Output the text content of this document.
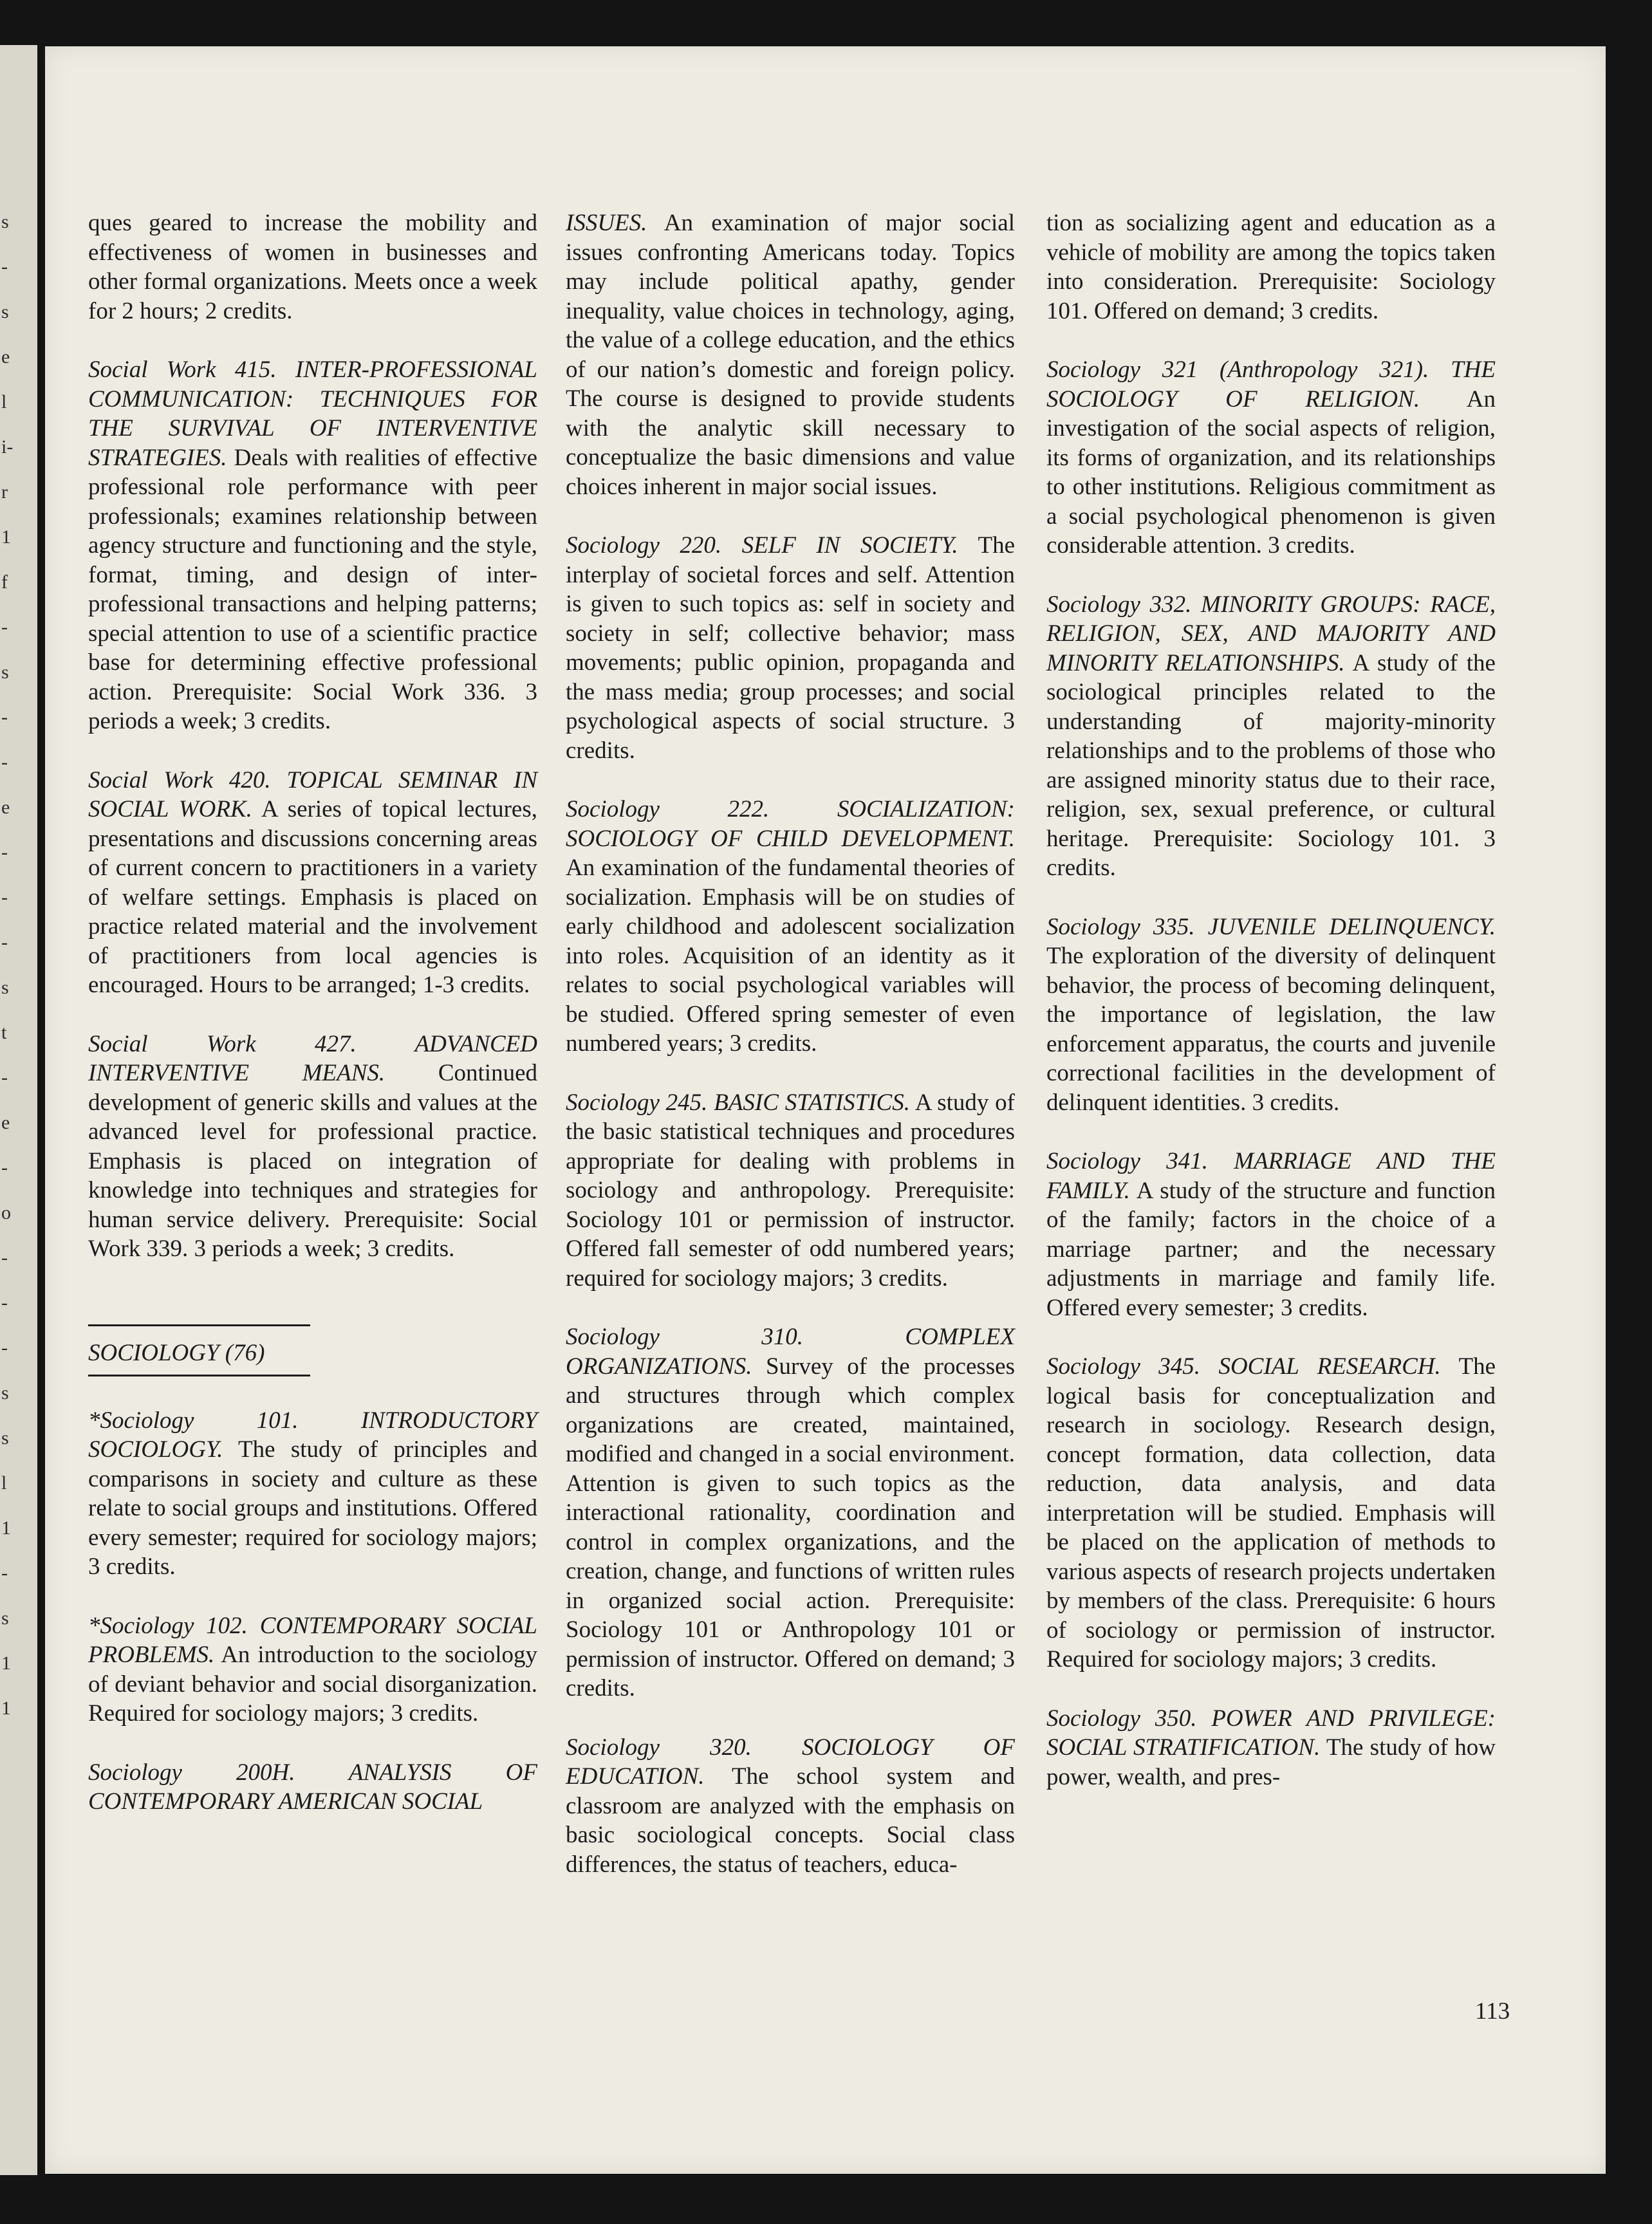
s
-
s
e
l
i-
r
1
f
-
s
-
-
e
-
-
-
s
t
-
e
-
o
-
-
-
s
s
l
1
-
s
1
1

ques geared to increase the mobility and effectiveness of women in businesses and other formal organizations. Meets once a week for 2 hours; 2 credits.

Social Work 415. INTER-PROFESSIONAL COMMUNICATION: TECHNIQUES FOR THE SURVIVAL OF INTERVENTIVE STRATEGIES. Deals with realities of effective professional role performance with peer professionals; examines relationship between agency structure and functioning and the style, format, timing, and design of inter-professional transactions and helping patterns; special attention to use of a scientific practice base for determining effective professional action. Prerequisite: Social Work 336. 3 periods a week; 3 credits.

Social Work 420. TOPICAL SEMINAR IN SOCIAL WORK. A series of topical lectures, presentations and discussions concerning areas of current concern to practitioners in a variety of welfare settings. Emphasis is placed on practice related material and the involvement of practitioners from local agencies is encouraged. Hours to be arranged; 1-3 credits.

Social Work 427. ADVANCED INTERVENTIVE MEANS. Continued development of generic skills and values at the advanced level for professional practice. Emphasis is placed on integration of knowledge into techniques and strategies for human service delivery. Prerequisite: Social Work 339. 3 periods a week; 3 credits.

SOCIOLOGY (76)

*Sociology 101. INTRODUCTORY SOCIOLOGY. The study of principles and comparisons in society and culture as these relate to social groups and institutions. Offered every semester; required for sociology majors; 3 credits.

*Sociology 102. CONTEMPORARY SOCIAL PROBLEMS. An introduction to the sociology of deviant behavior and social disorganization. Required for sociology majors; 3 credits.

Sociology 200H. ANALYSIS OF CONTEMPORARY AMERICAN SOCIAL

ISSUES. An examination of major social issues confronting Americans today. Topics may include political apathy, gender inequality, value choices in technology, aging, the value of a college education, and the ethics of our nation’s domestic and foreign policy. The course is designed to provide students with the analytic skill necessary to conceptualize the basic dimensions and value choices inherent in major social issues.

Sociology 220. SELF IN SOCIETY. The interplay of societal forces and self. Attention is given to such topics as: self in society and society in self; collective behavior; mass movements; public opinion, propaganda and the mass media; group processes; and social psychological aspects of social structure. 3 credits.

Sociology 222. SOCIALIZATION: SOCIOLOGY OF CHILD DEVELOPMENT. An examination of the fundamental theories of socialization. Emphasis will be on studies of early childhood and adolescent socialization into roles. Acquisition of an identity as it relates to social psychological variables will be studied. Offered spring semester of even numbered years; 3 credits.

Sociology 245. BASIC STATISTICS. A study of the basic statistical techniques and procedures appropriate for dealing with problems in sociology and anthropology. Prerequisite: Sociology 101 or permission of instructor. Offered fall semester of odd numbered years; required for sociology majors; 3 credits.

Sociology 310. COMPLEX ORGANIZATIONS. Survey of the processes and structures through which complex organizations are created, maintained, modified and changed in a social environment. Attention is given to such topics as the interactional rationality, coordination and control in complex organizations, and the creation, change, and functions of written rules in organized social action. Prerequisite: Sociology 101 or Anthropology 101 or permission of instructor. Offered on demand; 3 credits.

Sociology 320. SOCIOLOGY OF EDUCATION. The school system and classroom are analyzed with the emphasis on basic sociological concepts. Social class differences, the status of teachers, educa-

tion as socializing agent and education as a vehicle of mobility are among the topics taken into consideration. Prerequisite: Sociology 101. Offered on demand; 3 credits.

Sociology 321 (Anthropology 321). THE SOCIOLOGY OF RELIGION. An investigation of the social aspects of religion, its forms of organization, and its relationships to other institutions. Religious commitment as a social psychological phenomenon is given considerable attention. 3 credits.

Sociology 332. MINORITY GROUPS: RACE, RELIGION, SEX, AND MAJORITY AND MINORITY RELATIONSHIPS. A study of the sociological principles related to the understanding of majority-minority relationships and to the problems of those who are assigned minority status due to their race, religion, sex, sexual preference, or cultural heritage. Prerequisite: Sociology 101. 3 credits.

Sociology 335. JUVENILE DELINQUENCY. The exploration of the diversity of delinquent behavior, the process of becoming delinquent, the importance of legislation, the law enforcement apparatus, the courts and juvenile correctional facilities in the development of delinquent identities. 3 credits.

Sociology 341. MARRIAGE AND THE FAMILY. A study of the structure and function of the family; factors in the choice of a marriage partner; and the necessary adjustments in marriage and family life. Offered every semester; 3 credits.

Sociology 345. SOCIAL RESEARCH. The logical basis for conceptualization and research in sociology. Research design, concept formation, data collection, data reduction, data analysis, and data interpretation will be studied. Emphasis will be placed on the application of methods to various aspects of research projects undertaken by members of the class. Prerequisite: 6 hours of sociology or permission of instructor. Required for sociology majors; 3 credits.

Sociology 350. POWER AND PRIVILEGE: SOCIAL STRATIFICATION. The study of how power, wealth, and pres-

113
